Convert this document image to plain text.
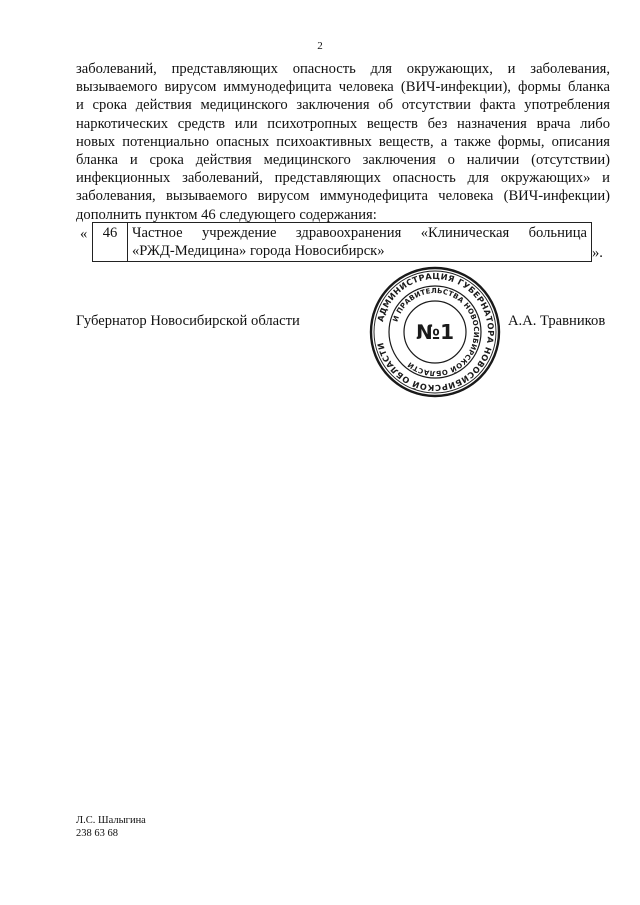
2
заболеваний, представляющих опасность для окружающих, и заболевания,
вызываемого вирусом иммунодефицита человека (ВИЧ-инфекции), формы бланка
и срока действия медицинского заключения об отсутствии факта употребления
наркотических средств или психотропных веществ без назначения врача либо
новых потенциально опасных психоактивных веществ, а также формы, описания
бланка и срока действия медицинского заключения о наличии (отсутствии)
инфекционных заболеваний, представляющих опасность для окружающих» и
заболевания, вызываемого вирусом иммунодефицита человека (ВИЧ-инфекции)
дополнить пунктом 46 следующего содержания:
« 46	Частное учреждение здравоохранения «Клиническая больница
«РЖД-Медицина» города Новосибирск»	».
Губернатор Новосибирской области	АДМИНИСТРАЦИЯ ГУБЕРНАТОРА НОВОСИБИРСКОЙ ОБЛАСТИ
И ПРАВИТЕЛЬСТВА НОВОСИБИРСКОЙ ОБЛАСТИ
№1	А.А. Травников
Л.С. Шалыгина
238 63 68
